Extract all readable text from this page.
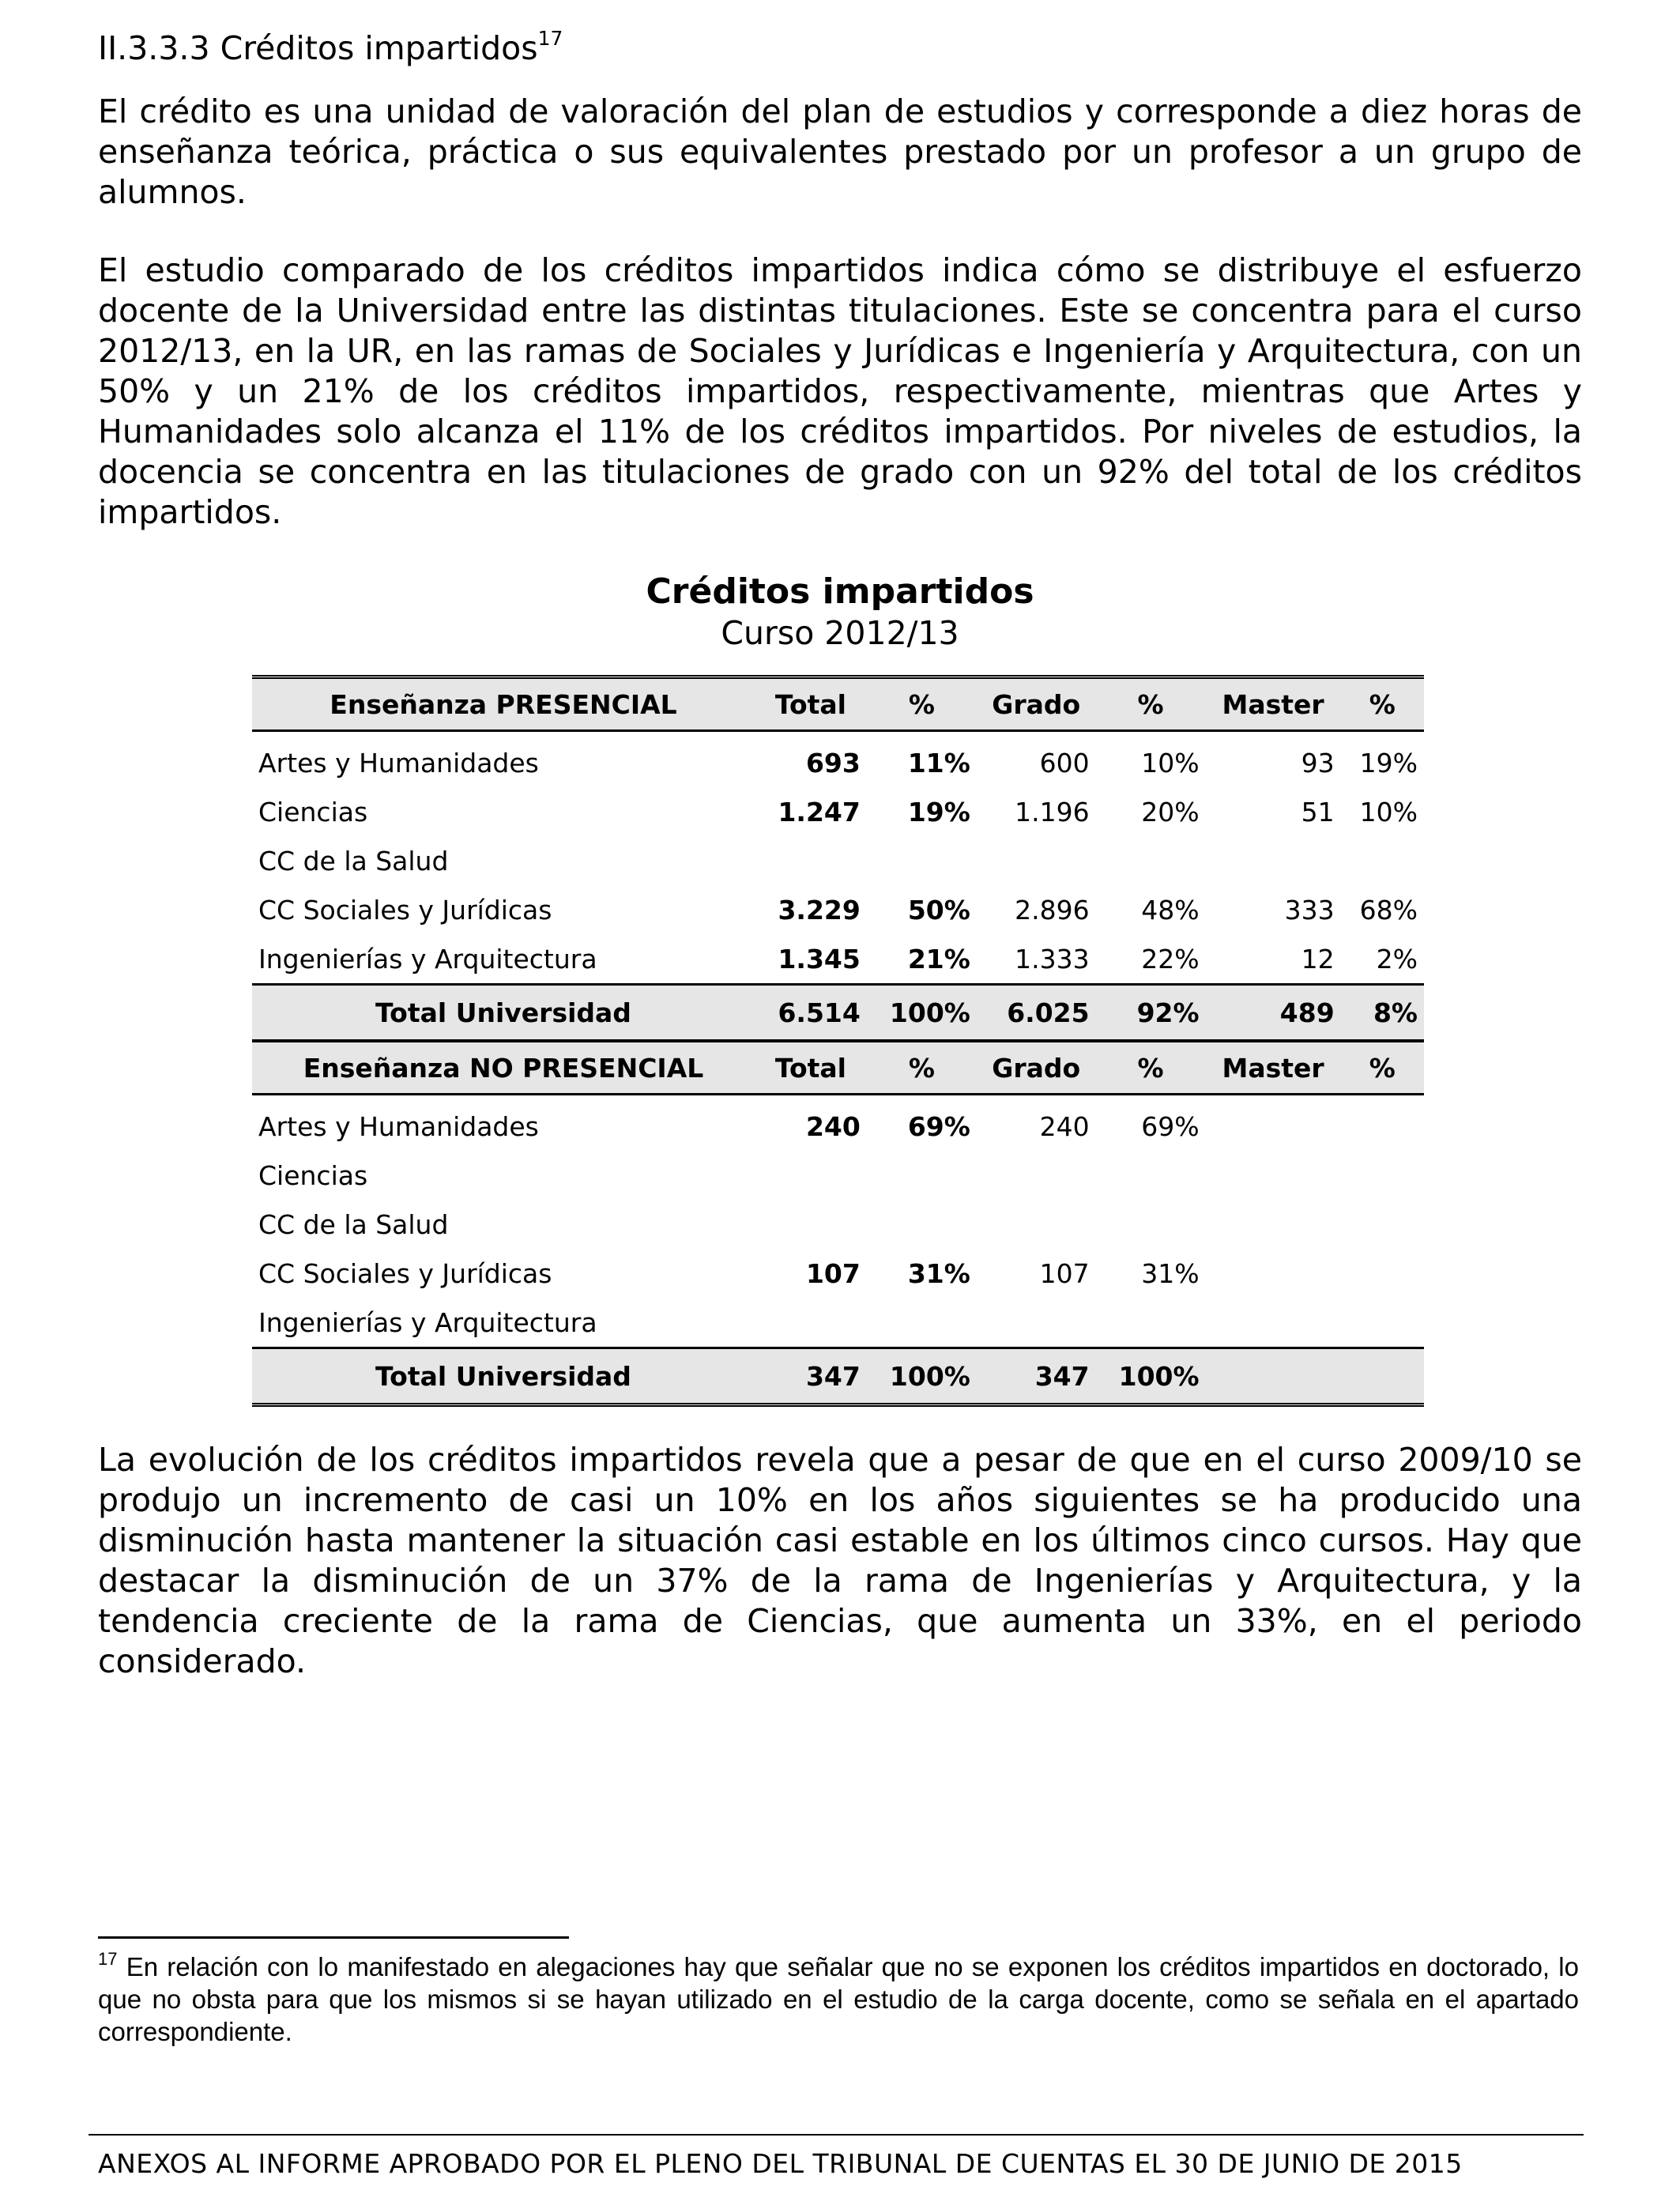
II.3.3.3 Créditos impartidos$^{17}$

El crédito es una unidad de valoración del plan de estudios y corresponde a diez horas de enseñanza teórica, práctica o sus equivalentes prestado por un profesor a un grupo de alumnos.

El estudio comparado de los créditos impartidos indica cómo se distribuye el esfuerzo docente de la Universidad entre las distintas titulaciones. Este se concentra para el curso 2012/13, en la UR, en las ramas de Sociales y Jurídicas e Ingeniería y Arquitectura, con un 50% y un 21% de los créditos impartidos, respectivamente, mientras que Artes y Humanidades solo alcanza el 11% de los créditos impartidos. Por niveles de estudios, la docencia se concentra en las titulaciones de grado con un 92% del total de los créditos impartidos.

Créditos impartidos
Curso 2012/13
Enseñanza PRESENCIAL	Total	%	Grado	%	Master	%
Artes y Humanidades	693	11%	600	10%	93	19%
Ciencias	1.247	19%	1.196	20%	51	10%
CC de la Salud						
CC Sociales y Jurídicas	3.229	50%	2.896	48%	333	68%
Ingenierías y Arquitectura	1.345	21%	1.333	22%	12	2%
Total Universidad	6.514	100%	6.025	92%	489	8%
Enseñanza NO PRESENCIAL	Total	%	Grado	%	Master	%
Artes y Humanidades	240	69%	240	69%		
Ciencias						
CC de la Salud						
CC Sociales y Jurídicas	107	31%	107	31%		
Ingenierías y Arquitectura						
Total Universidad	347	100%	347	100%		

La evolución de los créditos impartidos revela que a pesar de que en el curso 2009/10 se produjo un incremento de casi un 10% en los años siguientes se ha producido una disminución hasta mantener la situación casi estable en los últimos cinco cursos. Hay que destacar la disminución de un 37% de la rama de Ingenierías y Arquitectura, y la tendencia creciente de la rama de Ciencias, que aumenta un 33%, en el periodo considerado.

$^{17}$ En relación con lo manifestado en alegaciones hay que señalar que no se exponen los créditos impartidos en doctorado, lo que no obsta para que los mismos si se hayan utilizado en el estudio de la carga docente, como se señala en el apartado correspondiente.
ANEXOS AL INFORME APROBADO POR EL PLENO DEL TRIBUNAL DE CUENTAS EL 30 DE JUNIO DE 2015
